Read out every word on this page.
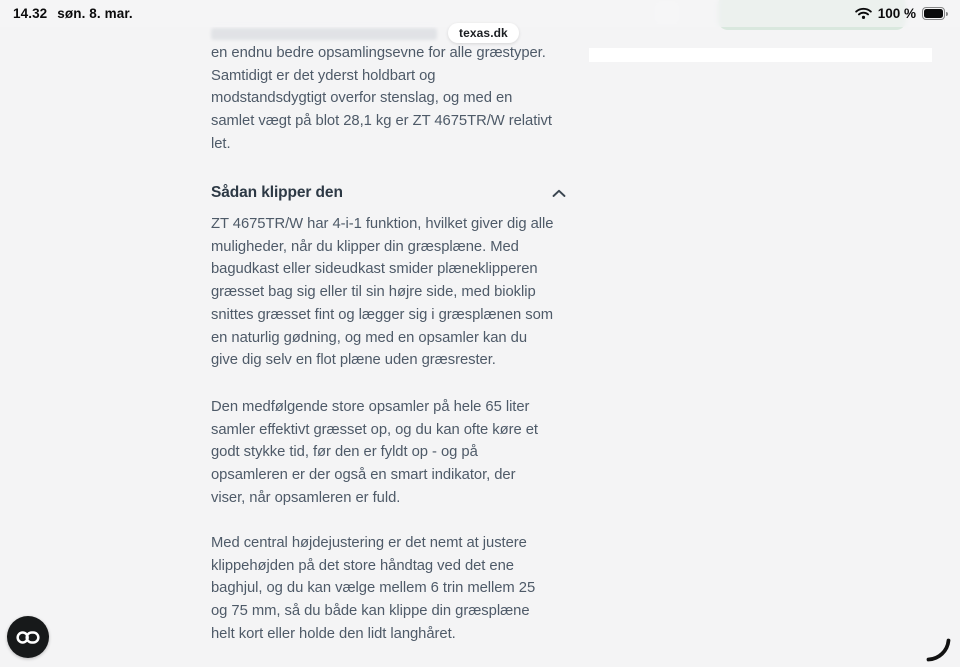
14.32 søn. 8. mar.	100 %
texas.dk

en endnu bedre opsamlingsevne for alle græstyper.
Samtidigt er det yderst holdbart og
modstandsdygtigt overfor stenslag, og med en
samlet vægt på blot 28,1 kg er ZT 4675TR/W relativt
let.

Sådan klipper den

ZT 4675TR/W har 4-i-1 funktion, hvilket giver dig alle
muligheder, når du klipper din græsplæne. Med
bagudkast eller sideudkast smider plæneklipperen
græsset bag sig eller til sin højre side, med bioklip
snittes græsset fint og lægger sig i græsplænen som
en naturlig gødning, og med en opsamler kan du
give dig selv en flot plæne uden græsrester.

Den medfølgende store opsamler på hele 65 liter
samler effektivt græsset op, og du kan ofte køre et
godt stykke tid, før den er fyldt op - og på
opsamleren er der også en smart indikator, der
viser, når opsamleren er fuld.

Med central højdejustering er det nemt at justere
klippehøjden på det store håndtag ved det ene
baghjul, og du kan vælge mellem 6 trin mellem 25
og 75 mm, så du både kan klippe din græsplæne
helt kort eller holde den lidt langhåret.
